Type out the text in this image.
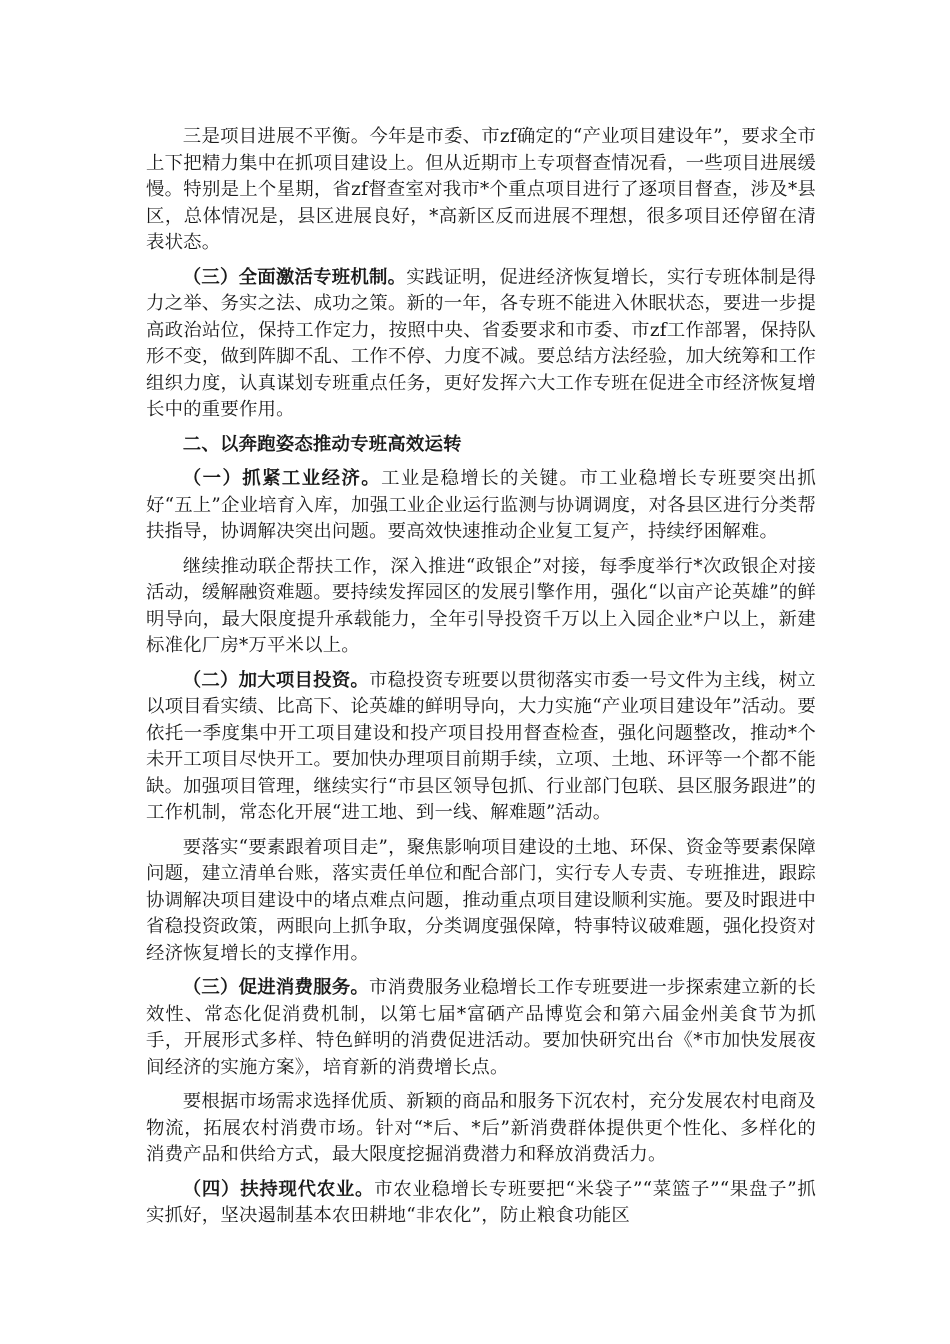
三是项目进展不平衡。今年是市委、市zf确定的“产业项目建设年”，要求全市上下把精力集中在抓项目建设上。但从近期市上专项督查情况看，一些项目进展缓慢。特别是上个星期，省zf督查室对我市*个重点项目进行了逐项目督查，涉及*县区，总体情况是，县区进展良好，*高新区反而进展不理想，很多项目还停留在清表状态。

（三）全面激活专班机制。实践证明，促进经济恢复增长，实行专班体制是得力之举、务实之法、成功之策。新的一年，各专班不能进入休眠状态，要进一步提高政治站位，保持工作定力，按照中央、省委要求和市委、市zf工作部署，保持队形不变，做到阵脚不乱、工作不停、力度不减。要总结方法经验，加大统筹和工作组织力度，认真谋划专班重点任务，更好发挥六大工作专班在促进全市经济恢复增长中的重要作用。

二、以奔跑姿态推动专班高效运转

（一）抓紧工业经济。工业是稳增长的关键。市工业稳增长专班要突出抓好“五上”企业培育入库，加强工业企业运行监测与协调调度，对各县区进行分类帮扶指导，协调解决突出问题。要高效快速推动企业复工复产，持续纾困解难。

继续推动联企帮扶工作，深入推进“政银企”对接，每季度举行*次政银企对接活动，缓解融资难题。要持续发挥园区的发展引擎作用，强化“以亩产论英雄”的鲜明导向，最大限度提升承载能力，全年引导投资千万以上入园企业*户以上，新建标准化厂房*万平米以上。

（二）加大项目投资。市稳投资专班要以贯彻落实市委一号文件为主线，树立以项目看实绩、比高下、论英雄的鲜明导向，大力实施“产业项目建设年”活动。要依托一季度集中开工项目建设和投产项目投用督查检查，强化问题整改，推动*个未开工项目尽快开工。要加快办理项目前期手续，立项、土地、环评等一个都不能缺。加强项目管理，继续实行“市县区领导包抓、行业部门包联、县区服务跟进”的工作机制，常态化开展“进工地、到一线、解难题”活动。

要落实“要素跟着项目走”，聚焦影响项目建设的土地、环保、资金等要素保障问题，建立清单台账，落实责任单位和配合部门，实行专人专责、专班推进，跟踪协调解决项目建设中的堵点难点问题，推动重点项目建设顺利实施。要及时跟进中省稳投资政策，两眼向上抓争取，分类调度强保障，特事特议破难题，强化投资对经济恢复增长的支撑作用。

（三）促进消费服务。市消费服务业稳增长工作专班要进一步探索建立新的长效性、常态化促消费机制，以第七届*富硒产品博览会和第六届金州美食节为抓手，开展形式多样、特色鲜明的消费促进活动。要加快研究出台《*市加快发展夜间经济的实施方案》，培育新的消费增长点。

要根据市场需求选择优质、新颖的商品和服务下沉农村，充分发展农村电商及物流，拓展农村消费市场。针对“*后、*后”新消费群体提供更个性化、多样化的消费产品和供给方式，最大限度挖掘消费潜力和释放消费活力。

（四）扶持现代农业。市农业稳增长专班要把“米袋子”“菜篮子”“果盘子”抓实抓好，坚决遏制基本农田耕地“非农化”，防止粮食功能区
